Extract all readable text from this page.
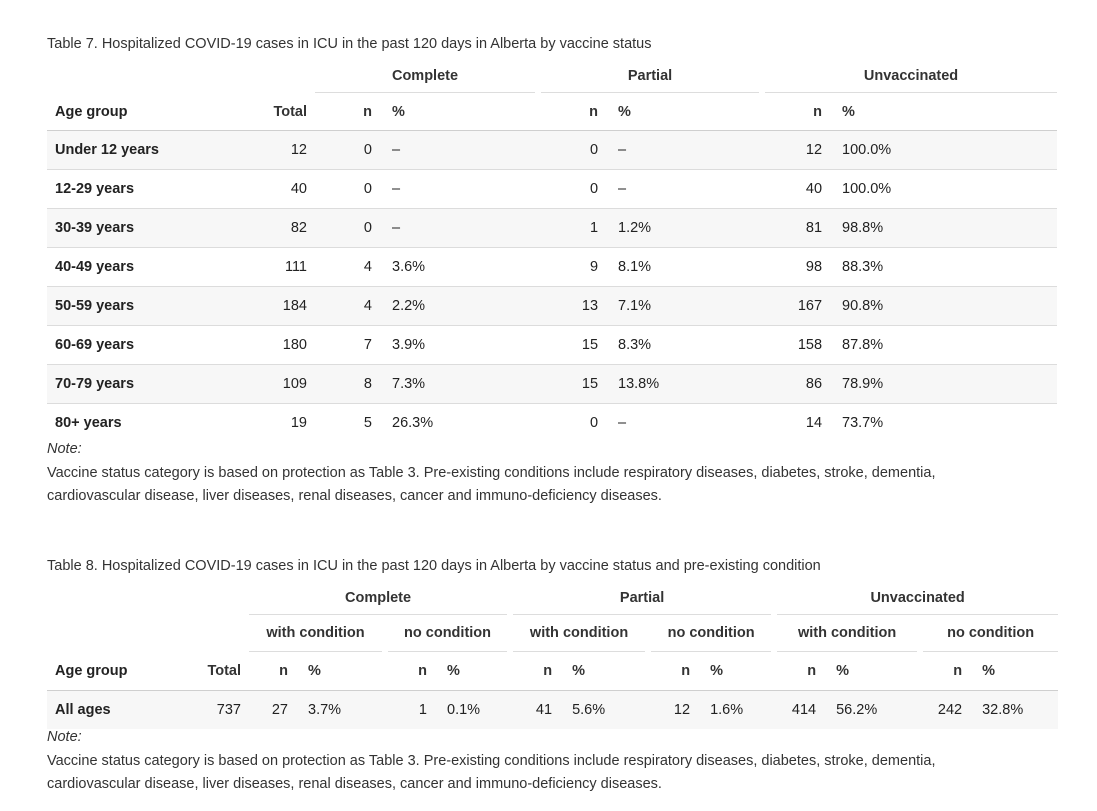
Table 7. Hospitalized COVID-19 cases in ICU in the past 120 days in Alberta by vaccine status

		Complete			Partial			Unvaccinated	
Age group	Total	n	%		n	%		n	%
Under 12 years	12	0	–		0	–		12	100.0%
12-29 years	40	0	–		0	–		40	100.0%
30-39 years	82	0	–		1	1.2%		81	98.8%
40-49 years	111	4	3.6%		9	8.1%		98	88.3%
50-59 years	184	4	2.2%		13	7.1%		167	90.8%
60-69 years	180	7	3.9%		15	8.3%		158	87.8%
70-79 years	109	8	7.3%		15	13.8%		86	78.9%
80+ years	19	5	26.3%		0	–		14	73.7%
Note:

Vaccine status category is based on protection as Table 3. Pre-existing conditions include respiratory diseases, diabetes, stroke, dementia, cardiovascular disease, liver diseases, renal diseases, cancer and immuno-deficiency diseases.

Table 8. Hospitalized COVID-19 cases in ICU in the past 120 days in Alberta by vaccine status and pre-existing condition

		Complete						Partial						Unvaccinated				
		with condition			no condition			with condition			no condition			with condition			no condition	
Age group	Total	n	%		n	%		n	%		n	%		n	%		n	%
All ages	737	27	3.7%		1	0.1%		41	5.6%		12	1.6%		414	56.2%		242	32.8%
Note:

Vaccine status category is based on protection as Table 3. Pre-existing conditions include respiratory diseases, diabetes, stroke, dementia, cardiovascular disease, liver diseases, renal diseases, cancer and immuno-deficiency diseases.
